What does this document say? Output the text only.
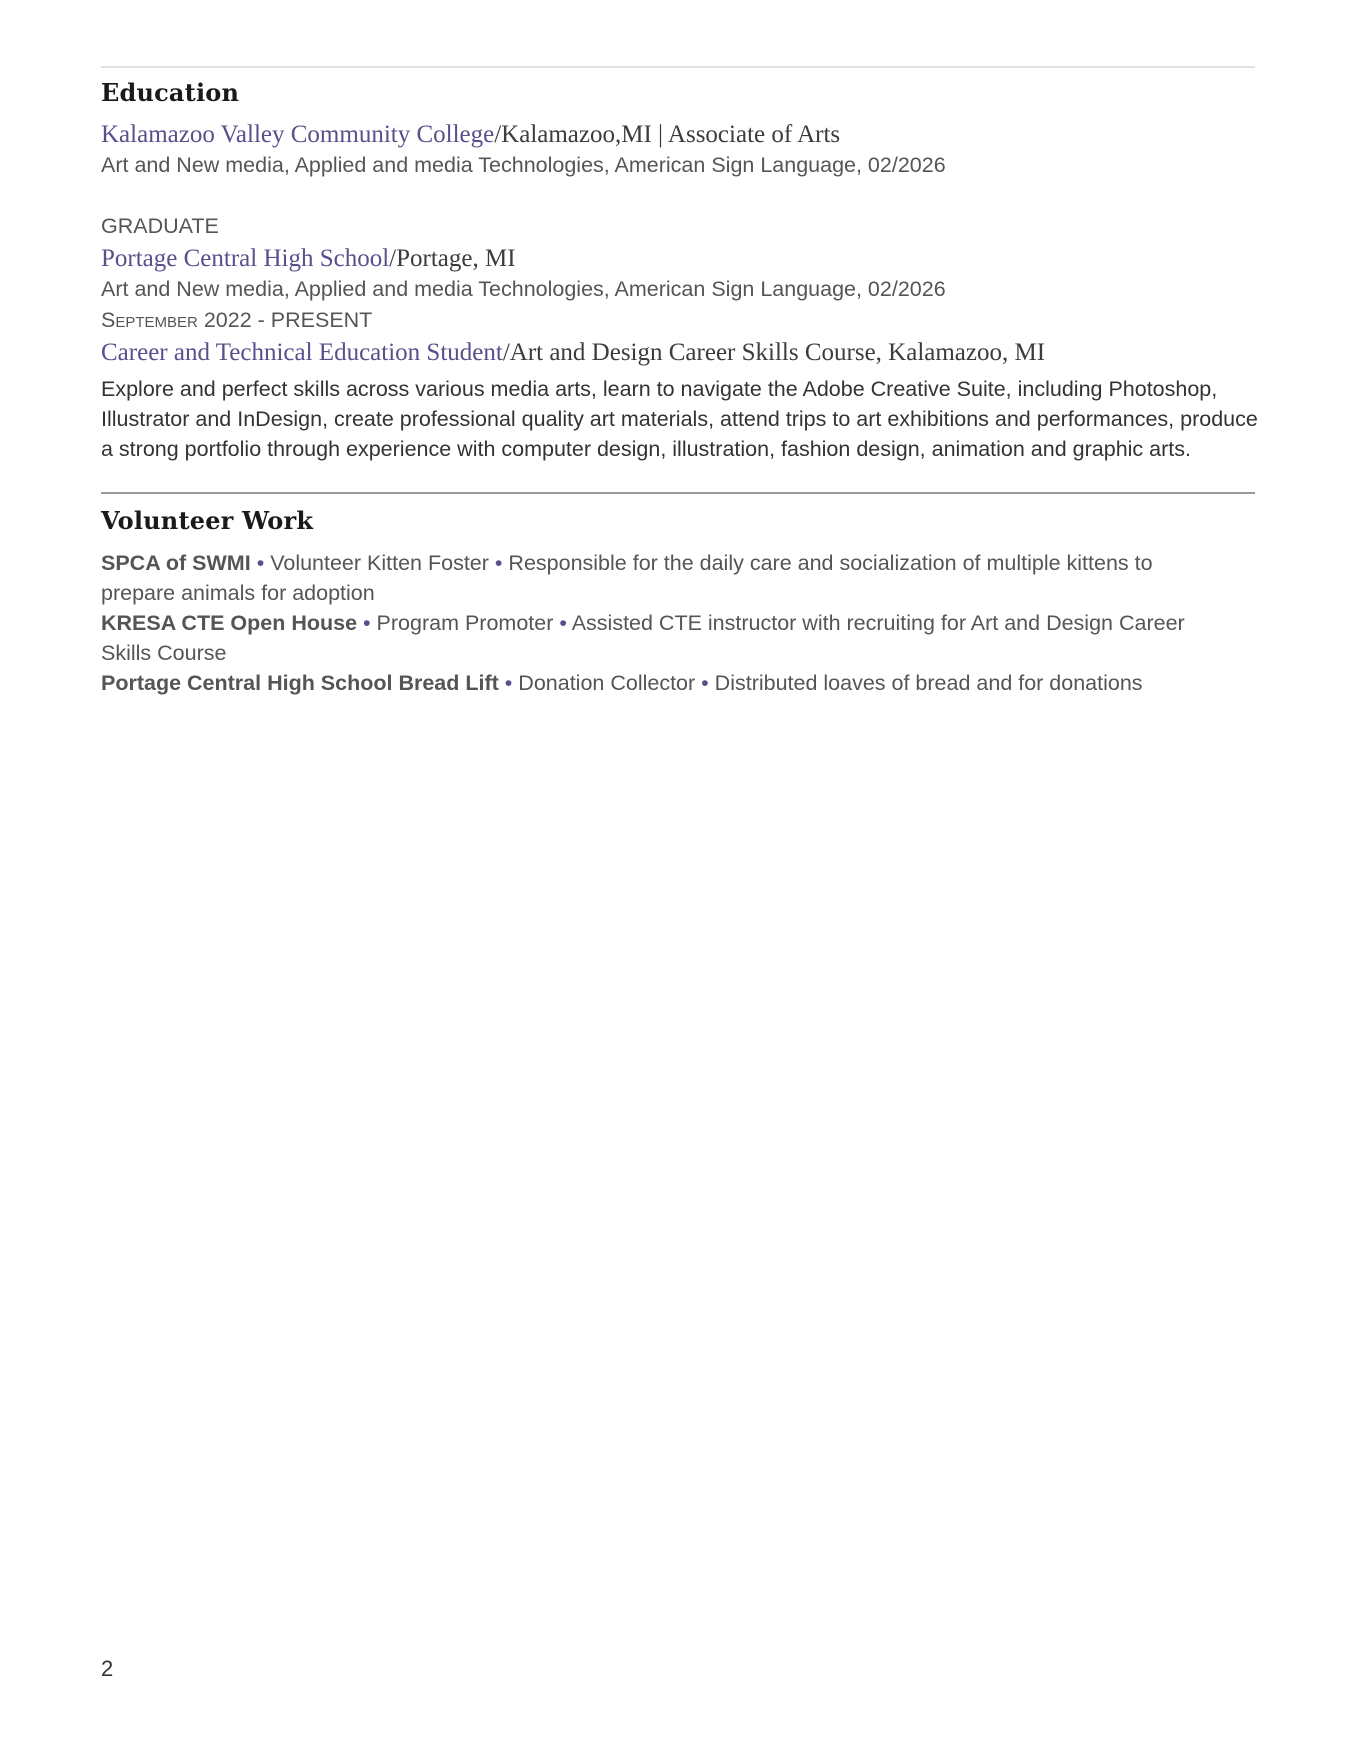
Education
Kalamazoo Valley Community College/Kalamazoo,MI | Associate of Arts
Art and New media, Applied and media Technologies, American Sign Language, 02/2026
GRADUATE
Portage Central High School/Portage, MI
Art and New media, Applied and media Technologies, American Sign Language, 02/2026
September 2022 - PRESENT
Career and Technical Education Student/Art and Design Career Skills Course, Kalamazoo, MI
Explore and perfect skills across various media arts, learn to navigate the Adobe Creative Suite, including Photoshop, Illustrator and InDesign, create professional quality art materials, attend trips to art exhibitions and performances, produce a strong portfolio through experience with computer design, illustration, fashion design, animation and graphic arts.
Volunteer Work
SPCA of SWMI • Volunteer Kitten Foster • Responsible for the daily care and socialization of multiple kittens to
prepare animals for adoption
KRESA CTE Open House • Program Promoter • Assisted CTE instructor with recruiting for Art and Design Career
Skills Course
Portage Central High School Bread Lift • Donation Collector • Distributed loaves of bread and for donations
2
